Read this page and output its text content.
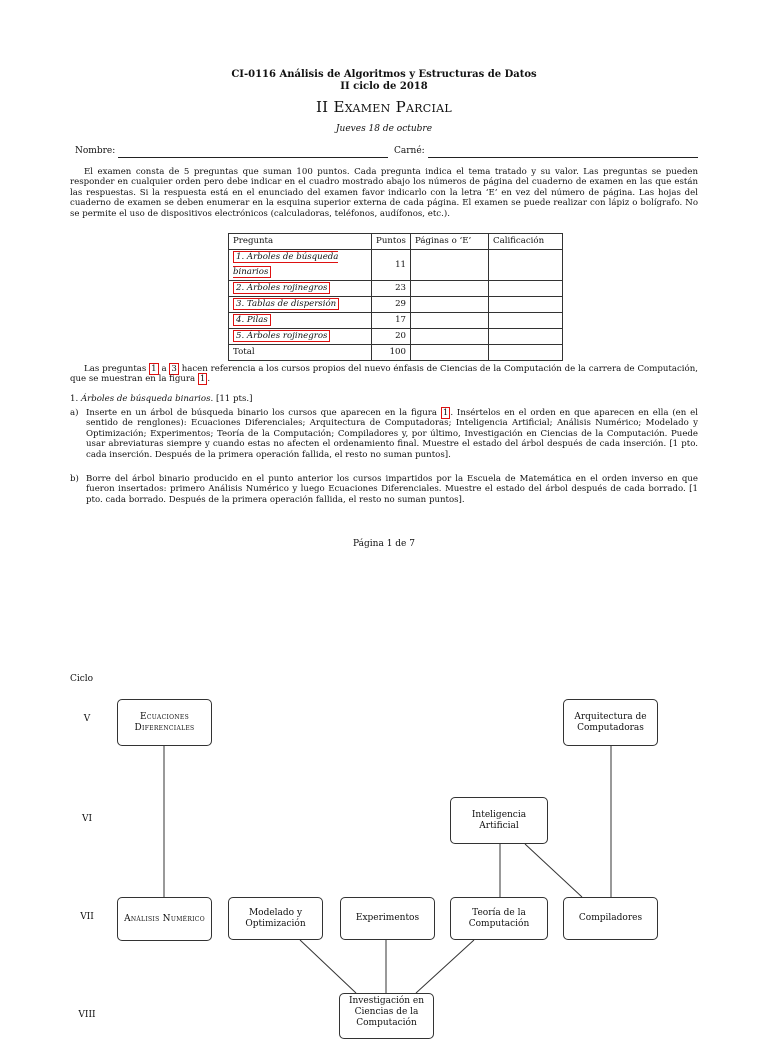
CI-0116 Análisis de Algoritmos y Estructuras de Datos
II ciclo de 2018
II Examen Parcial
Jueves 18 de octubre
Nombre:	Carné:
El examen consta de 5 preguntas que suman 100 puntos. Cada pregunta indica el tema tratado y su valor. Las preguntas se pueden responder en cualquier orden pero debe indicar en el cuadro mostrado abajo los números de página del cuaderno de examen en las que están las respuestas. Si la respuesta está en el enunciado del examen favor indicarlo con la letra ‘E’ en vez del número de página. Las hojas del cuaderno de examen se deben enumerar en la esquina superior externa de cada página. El examen se puede realizar con lápiz o bolígrafo. No se permite el uso de dispositivos electrónicos (calculadoras, teléfonos, audífonos, etc.).
Pregunta	Puntos	Páginas o ‘E’	Calificación
1. Árboles de búsqueda binarios	11		
2. Árboles rojinegros	23		
3. Tablas de dispersión	29		
4. Pilas	17		
5. Árboles rojinegros	20		
Total	100		
Las preguntas 1 a 3 hacen referencia a los cursos propios del nuevo énfasis de Ciencias de la Computación de la carrera de Computación, que se muestran en la figura 1 .
1. Árboles de búsqueda binarios. [11 pts.]
a) Inserte en un árbol de búsqueda binario los cursos que aparecen en la figura 1 . Insértelos en el orden en que aparecen en ella (en el sentido de renglones): Ecuaciones Diferenciales; Arquitectura de Computadoras; Inteligencia Artificial; Análisis Numérico; Modelado y Optimización; Experimentos; Teoría de la Computación; Compiladores y, por último, Investigación en Ciencias de la Computación. Puede usar abreviaturas siempre y cuando estas no afecten el ordenamiento final. Muestre el estado del árbol después de cada inserción. [1 pto. cada inserción. Después de la primera operación fallida, el resto no suman puntos].
b) Borre del árbol binario producido en el punto anterior los cursos impartidos por la Escuela de Matemática en el orden inverso en que fueron insertados: primero Análisis Numérico y luego Ecuaciones Diferenciales. Muestre el estado del árbol después de cada borrado. [1 pto. cada borrado. Después de la primera operación fallida, el resto no suman puntos].
Página 1 de 7
Ciclo
V
VI
VII
VIII
Ecuaciones Diferenciales
Arquitectura de Computadoras
Inteligencia Artificial
Análisis Numérico
Modelado y Optimización
Experimentos
Teoría de la Computación
Compiladores
Investigación en Ciencias de la Computación
